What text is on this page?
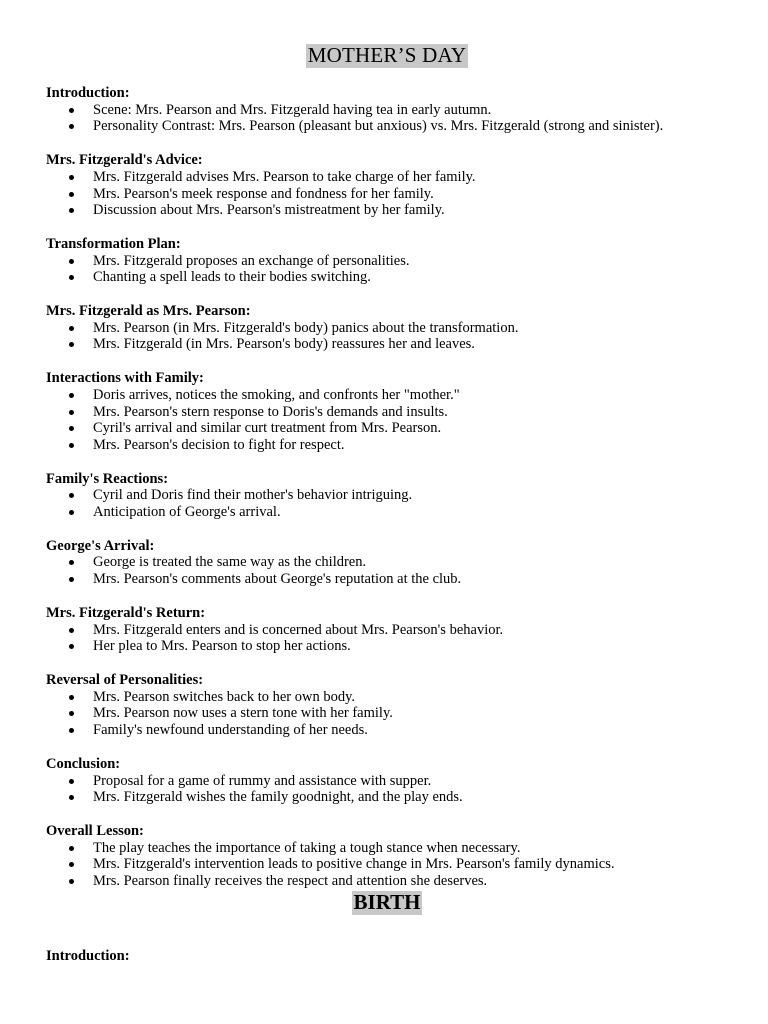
MOTHER’S DAY

Introduction:

Scene: Mrs. Pearson and Mrs. Fitzgerald having tea in early autumn.
Personality Contrast: Mrs. Pearson (pleasant but anxious) vs. Mrs. Fitzgerald (strong and sinister).

Mrs. Fitzgerald's Advice:

Mrs. Fitzgerald advises Mrs. Pearson to take charge of her family.
Mrs. Pearson's meek response and fondness for her family.
Discussion about Mrs. Pearson's mistreatment by her family.

Transformation Plan:

Mrs. Fitzgerald proposes an exchange of personalities.
Chanting a spell leads to their bodies switching.

Mrs. Fitzgerald as Mrs. Pearson:

Mrs. Pearson (in Mrs. Fitzgerald's body) panics about the transformation.
Mrs. Fitzgerald (in Mrs. Pearson's body) reassures her and leaves.

Interactions with Family:

Doris arrives, notices the smoking, and confronts her "mother."
Mrs. Pearson's stern response to Doris's demands and insults.
Cyril's arrival and similar curt treatment from Mrs. Pearson.
Mrs. Pearson's decision to fight for respect.

Family's Reactions:

Cyril and Doris find their mother's behavior intriguing.
Anticipation of George's arrival.

George's Arrival:

George is treated the same way as the children.
Mrs. Pearson's comments about George's reputation at the club.

Mrs. Fitzgerald's Return:

Mrs. Fitzgerald enters and is concerned about Mrs. Pearson's behavior.
Her plea to Mrs. Pearson to stop her actions.

Reversal of Personalities:

Mrs. Pearson switches back to her own body.
Mrs. Pearson now uses a stern tone with her family.
Family's newfound understanding of her needs.

Conclusion:

Proposal for a game of rummy and assistance with supper.
Mrs. Fitzgerald wishes the family goodnight, and the play ends.

Overall Lesson:

The play teaches the importance of taking a tough stance when necessary.
Mrs. Fitzgerald's intervention leads to positive change in Mrs. Pearson's family dynamics.
Mrs. Pearson finally receives the respect and attention she deserves.
BIRTH

Introduction:
